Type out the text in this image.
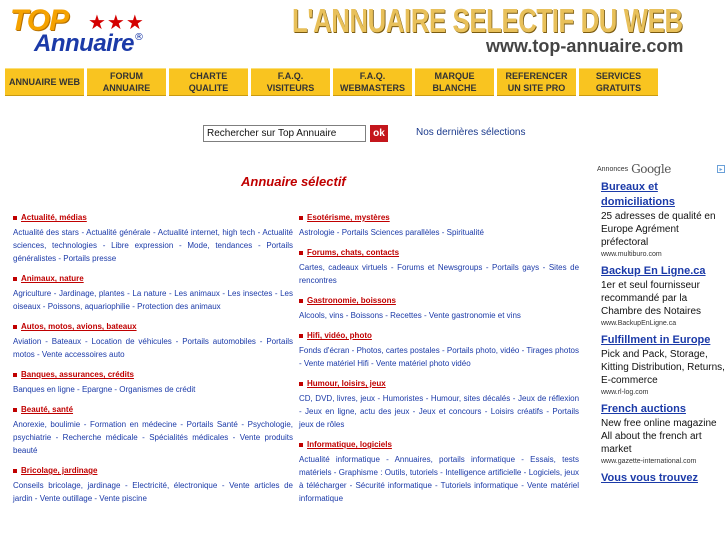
TOP ★★★
Annuaire ®	L'ANNUAIRE SELECTIF DU WEB
www.top-annuaire.com
ANNUAIRE WEB
FORUM ANNUAIRE
CHARTE QUALITE
F.A.Q. VISITEURS
F.A.Q. WEBMASTERS
MARQUE BLANCHE
REFERENCER UN SITE PRO
SERVICES GRATUITS
Rechercher sur Top Annuaire
ok	Nos dernières sélections
Annuaire sélectif
Actualité, médias
Actualité des stars - Actualité générale - Actualité internet, high tech - Actualité sciences, technologies - Libre expression - Mode, tendances - Portails généralistes - Portails presse
Animaux, nature
Agriculture - Jardinage, plantes - La nature - Les animaux - Les insectes - Les oiseaux - Poissons, aquariophilie - Protection des animaux
Autos, motos, avions, bateaux
Aviation - Bateaux - Location de véhicules - Portails automobiles - Portails motos - Vente accessoires auto
Banques, assurances, crédits
Banques en ligne - Epargne - Organismes de crédit
Beauté, santé
Anorexie, boulimie - Formation en médecine - Portails Santé - Psychologie, psychiatrie - Recherche médicale - Spécialités médicales - Vente produits beauté
Bricolage, jardinage
Conseils bricolage, jardinage - Electricité, électronique - Vente articles de jardin - Vente outillage - Vente piscine
Esotérisme, mystères
Astrologie - Portails Sciences parallèles - Spiritualité
Forums, chats, contacts
Cartes, cadeaux virtuels - Forums et Newsgroups - Portails gays - Sites de rencontres
Gastronomie, boissons
Alcools, vins - Boissons - Recettes - Vente gastronomie et vins
Hifi, vidéo, photo
Fonds d'écran - Photos, cartes postales - Portails photo, vidéo - Tirages photos - Vente matériel Hifi - Vente matériel photo vidéo
Humour, loisirs, jeux
CD, DVD, livres, jeux - Humoristes - Humour, sites décalés - Jeux de réflexion - Jeux en ligne, actu des jeux - Jeux et concours - Loisirs créatifs - Portails jeux de rôles
Informatique, logiciels
Actualité informatique - Annuaires, portails informatique - Essais, tests matériels - Graphisme : Outils, tutoriels - Intelligence artificielle - Logiciels, jeux à télécharger - Sécurité informatique - Tutoriels informatique - Vente matériel informatique
Annonces Google	▸
Bureaux et domiciliations
25 adresses de qualité en Europe Agrément préfectoral
www.multiburo.com
Backup En Ligne.ca
1er et seul fournisseur recommandé par la Chambre des Notaires
www.BackupEnLigne.ca
Fulfillment in Europe
Pick and Pack, Storage, Kitting Distribution, Returns, E-commerce
www.rl-log.com
French auctions
New free online magazine All about the french art market
www.gazette-international.com
Vous vous trouvez
